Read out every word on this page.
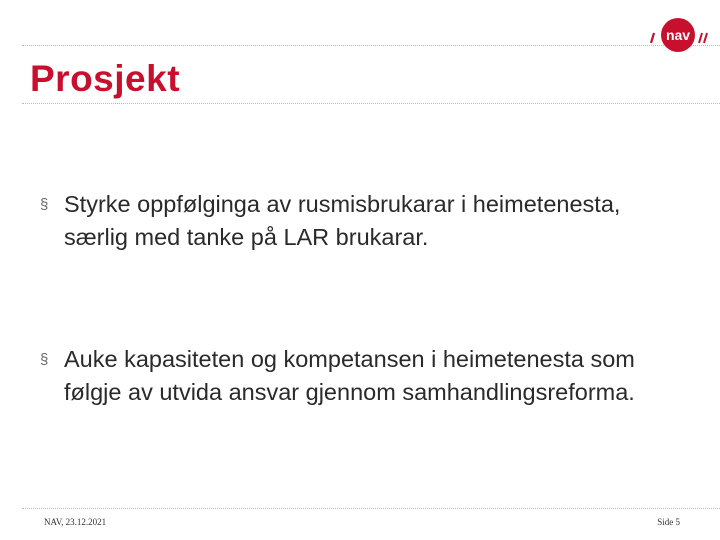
nav
Prosjekt
§ Styrke oppfølginga av rusmisbrukarar i heimetenesta, særlig med tanke på LAR brukarar.
§ Auke kapasiteten og kompetansen i heimetenesta som følgje av utvida ansvar gjennom samhandlingsreforma.
NAV, 23.12.2021	Side 5
